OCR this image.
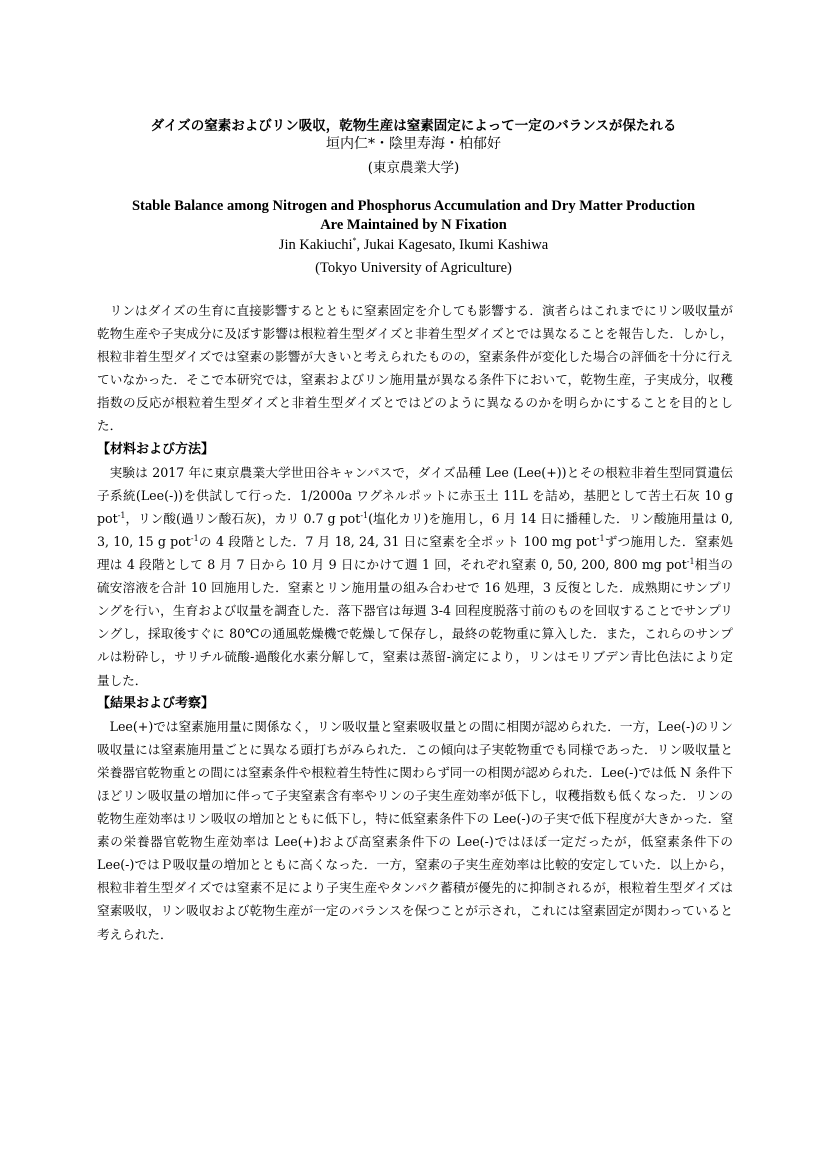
ダイズの窒素およびリン吸収，乾物生産は窒素固定によって一定のバランスが保たれる
垣内仁*・陰里寿海・柏郁好
(東京農業大学)
Stable Balance among Nitrogen and Phosphorus Accumulation and Dry Matter Production
Are Maintained by N Fixation
Jin Kakiuchi*, Jukai Kagesato, Ikumi Kashiwa
(Tokyo University of Agriculture)

リンはダイズの生育に直接影響するとともに窒素固定を介しても影響する．演者らはこれまでにリン吸収量が乾物生産や子実成分に及ぼす影響は根粒着生型ダイズと非着生型ダイズとでは異なることを報告した．しかし，根粒非着生型ダイズでは窒素の影響が大きいと考えられたものの，窒素条件が変化した場合の評価を十分に行えていなかった．そこで本研究では，窒素およびリン施用量が異なる条件下において，乾物生産，子実成分，収穫指数の反応が根粒着生型ダイズと非着生型ダイズとではどのように異なるのかを明らかにすることを目的とした．

【材料および方法】

実験は 2017 年に東京農業大学世田谷キャンパスで，ダイズ品種 Lee (Lee(+))とその根粒非着生型同質遺伝子系統(Lee(-))を供試して行った．1/2000a ワグネルポットに赤玉土 11L を詰め，基肥として苦土石灰 10 g pot$^{-1}$，リン酸(過リン酸石灰)，カリ 0.7 g pot$^{-1}$(塩化カリ)を施用し，6 月 14 日に播種した．リン酸施用量は 0, 3, 10, 15 g pot$^{-1}$の 4 段階とした．7 月 18, 24, 31 日に窒素を全ポット 100 mg pot$^{-1}$ずつ施用した．窒素処理は 4 段階として 8 月 7 日から 10 月 9 日にかけて週 1 回，それぞれ窒素 0, 50, 200, 800 mg pot$^{-1}$相当の硫安溶液を合計 10 回施用した．窒素とリン施用量の組み合わせで 16 処理，3 反復とした．成熟期にサンプリングを行い，生育および収量を調査した．落下器官は毎週 3-4 回程度脱落寸前のものを回収することでサンプリングし，採取後すぐに 80℃の通風乾燥機で乾燥して保存し，最終の乾物重に算入した．また，これらのサンプルは粉砕し，サリチル硫酸-過酸化水素分解して，窒素は蒸留-滴定により，リンはモリブデン青比色法により定量した．

【結果および考察】

Lee(+)では窒素施用量に関係なく，リン吸収量と窒素吸収量との間に相関が認められた．一方，Lee(-)のリン吸収量には窒素施用量ごとに異なる頭打ちがみられた．この傾向は子実乾物重でも同様であった．リン吸収量と栄養器官乾物重との間には窒素条件や根粒着生特性に関わらず同一の相関が認められた．Lee(-)では低 N 条件下ほどリン吸収量の増加に伴って子実窒素含有率やリンの子実生産効率が低下し，収穫指数も低くなった．リンの乾物生産効率はリン吸収の増加とともに低下し，特に低窒素条件下の Lee(-)の子実で低下程度が大きかった．窒素の栄養器官乾物生産効率は Lee(+)および高窒素条件下の Lee(-)ではほぼ一定だったが，低窒素条件下の Lee(-)ではＰ吸収量の増加とともに高くなった．一方，窒素の子実生産効率は比較的安定していた．以上から，根粒非着生型ダイズでは窒素不足により子実生産やタンパク蓄積が優先的に抑制されるが，根粒着生型ダイズは窒素吸収，リン吸収および乾物生産が一定のバランスを保つことが示され，これには窒素固定が関わっていると考えられた．
